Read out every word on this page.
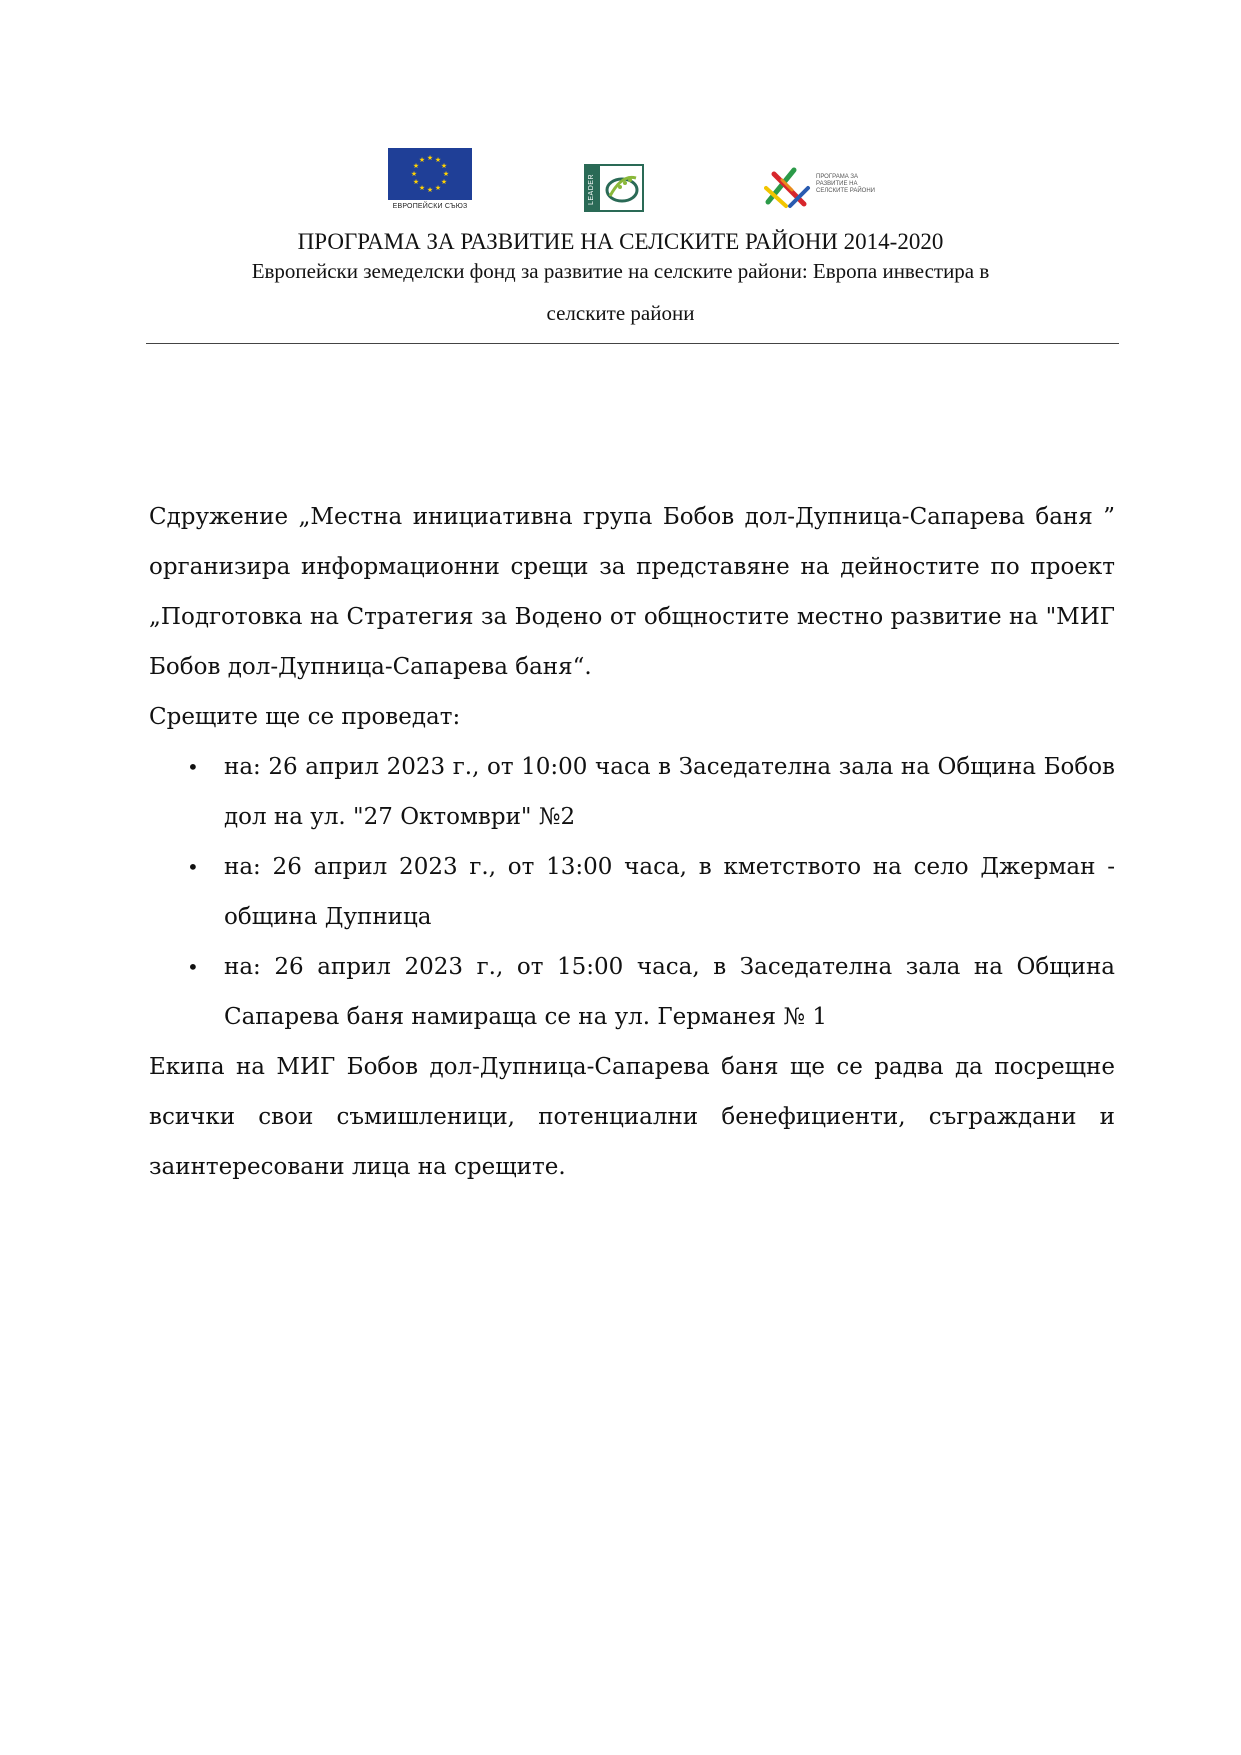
★ ★
★
★
★
★
★
★
★
★
★
★
ЕВРОПЕЙСКИ СЪЮЗ
LEADER	ПРОГРАМА ЗА
РАЗВИТИЕ НА
СЕЛСКИТЕ РАЙОНИ
ПРОГРАМА ЗА РАЗВИТИЕ НА СЕЛСКИТЕ РАЙОНИ 2014-2020
Европейски земеделски фонд за развитие на селските райони: Европа инвестира в
селските райони

Сдружение „Местна инициативна група Бобов дол-Дупница-Сапарева баня ” организира информационни срещи за представяне на дейностите по проект „Подготовка на Стратегия за Водено от общностите местно развитие на "МИГ Бобов дол-Дупница-Сапарева баня“.

Срещите ще се проведат:

• на: 26 април 2023 г., от 10:00 часа в Заседателна зала на Община Бобов дол на ул. "27 Октомври" №2
• на: 26 април 2023 г., от 13:00 часа, в кметството на село Джерман - община Дупница
• на: 26 април 2023 г., от 15:00 часа, в Заседателна зала на Община Сапарева баня намираща се на ул. Германея № 1

Екипа на МИГ Бобов дол-Дупница-Сапарева баня ще се радва да посрещне всички свои съмишленици, потенциални бенефициенти, съграждани и заинтересовани лица на срещите.
